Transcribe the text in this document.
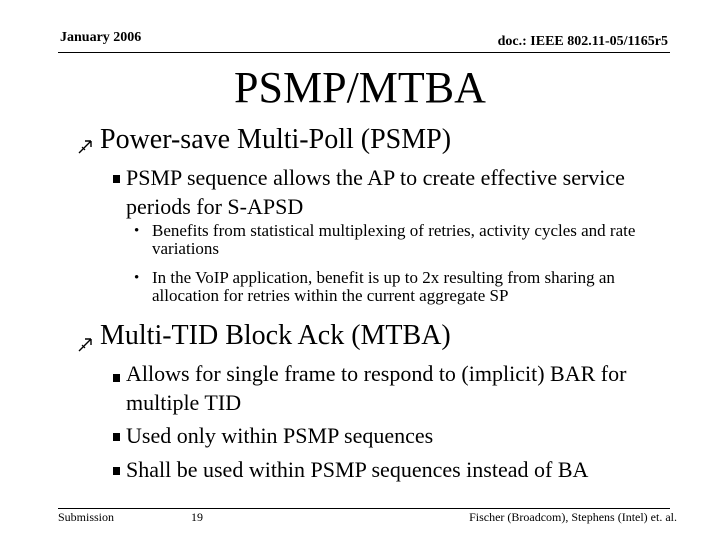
January 2006	doc.: IEEE 802.11-05/1165r5
PSMP/MTBA
Power-save Multi-Poll (PSMP)
PSMP sequence allows the AP to create effective service periods for S-APSD
• Benefits from statistical multiplexing of retries, activity cycles and rate variations
• In the VoIP application, benefit is up to 2x resulting from sharing an allocation for retries within the current aggregate SP
Multi-TID Block Ack (MTBA)
Allows for single frame to respond to (implicit) BAR for multiple TID
Used only within PSMP sequences
Shall be used within PSMP sequences instead of BA
Submission	19	Fischer (Broadcom), Stephens (Intel) et. al.
